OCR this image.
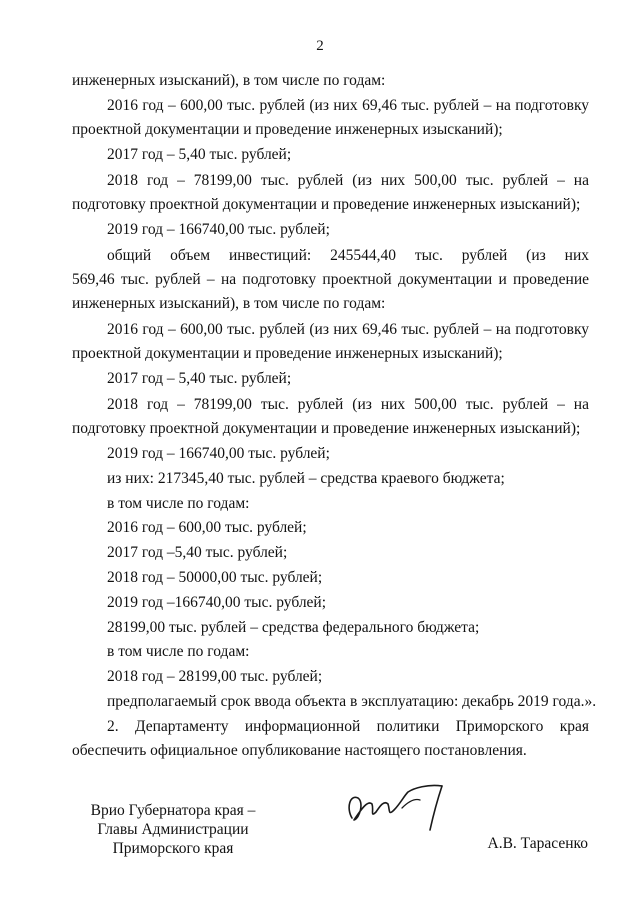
2
инженерных изысканий), в том числе по годам:
2016 год – 600,00 тыс. рублей (из них 69,46 тыс. рублей – на подготовку
проектной документации и проведение инженерных изысканий);
2017 год – 5,40 тыс. рублей;
2018 год – 78199,00 тыс. рублей (из них 500,00 тыс. рублей – на
подготовку проектной документации и проведение инженерных изысканий);
2019 год – 166740,00 тыс. рублей;
общий объем инвестиций: 245544,40 тыс. рублей (из них
569,46 тыс. рублей – на подготовку проектной документации и проведение
инженерных изысканий), в том числе по годам:
2016 год – 600,00 тыс. рублей (из них 69,46 тыс. рублей – на подготовку
проектной документации и проведение инженерных изысканий);
2017 год – 5,40 тыс. рублей;
2018 год – 78199,00 тыс. рублей (из них 500,00 тыс. рублей – на
подготовку проектной документации и проведение инженерных изысканий);
2019 год – 166740,00 тыс. рублей;
из них: 217345,40 тыс. рублей – средства краевого бюджета;
в том числе по годам:
2016 год – 600,00 тыс. рублей;
2017 год –5,40 тыс. рублей;
2018 год – 50000,00 тыс. рублей;
2019 год –166740,00 тыс. рублей;
28199,00 тыс. рублей – средства федерального бюджета;
в том числе по годам:
2018 год – 28199,00 тыс. рублей;
предполагаемый срок ввода объекта в эксплуатацию: декабрь 2019 года.».
2. Департаменту информационной политики Приморского края
обеспечить официальное опубликование настоящего постановления.
Врио Губернатора края –
Главы Администрации
Приморского края	А.В. Тарасенко
